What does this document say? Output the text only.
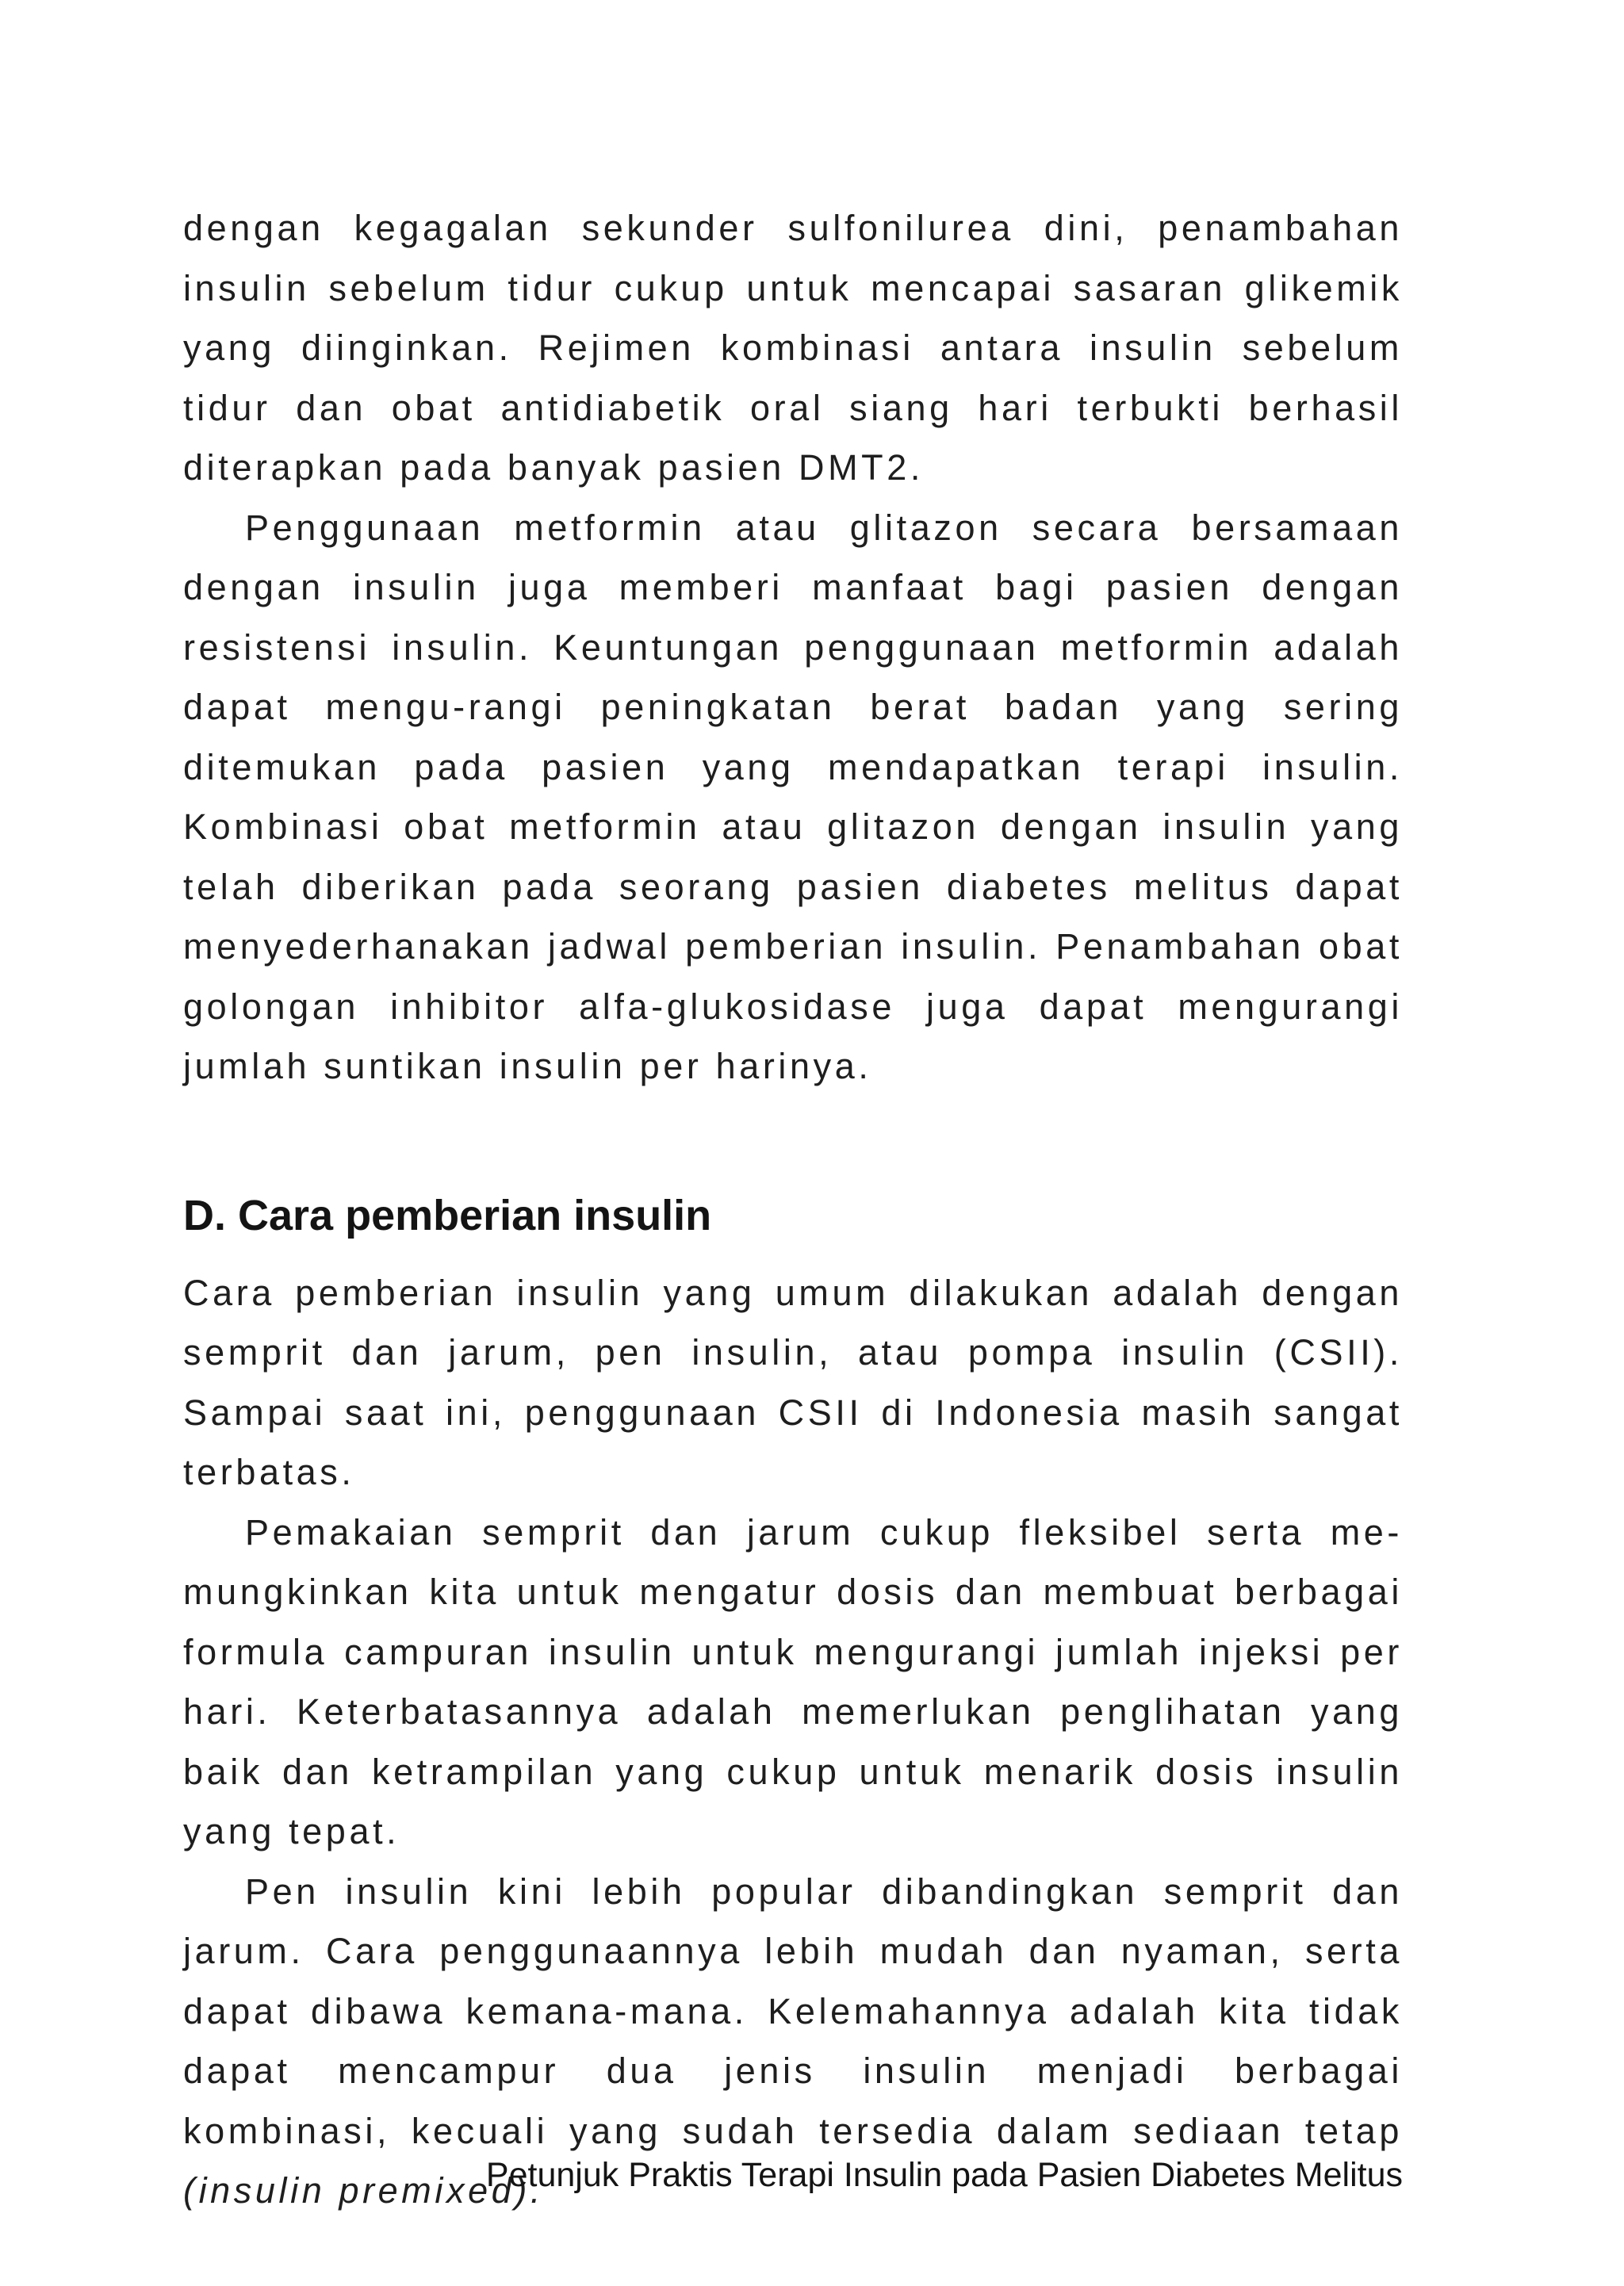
dengan kegagalan sekunder sulfonilurea dini, penambahan insulin sebelum tidur cukup untuk mencapai sasaran glikemik yang diinginkan. Rejimen kombinasi antara insulin sebelum tidur dan obat antidiabetik oral siang hari terbukti berhasil diterapkan pada banyak pasien DMT2.

Penggunaan metformin atau glitazon secara bersamaan dengan insulin juga memberi manfaat bagi pasien dengan resistensi insulin. Keuntungan penggunaan metformin adalah dapat mengu-rangi peningkatan berat badan yang sering ditemukan pada pasien yang mendapatkan terapi insulin. Kombinasi obat metformin atau glitazon dengan insulin yang telah diberikan pada seorang pasien diabetes melitus dapat menyederhanakan jadwal pemberian insulin. Penambahan obat golongan inhibitor alfa-glukosidase juga dapat mengurangi jumlah suntikan insulin per harinya.

D. Cara pemberian insulin

Cara pemberian insulin yang umum dilakukan adalah dengan semprit dan jarum, pen insulin, atau pompa insulin (CSII). Sampai saat ini, penggunaan CSII di Indonesia masih sangat terbatas.

Pemakaian semprit dan jarum cukup fleksibel serta me-mungkinkan kita untuk mengatur dosis dan membuat berbagai formula campuran insulin untuk mengurangi jumlah injeksi per hari. Keterbatasannya adalah memerlukan penglihatan yang baik dan ketrampilan yang cukup untuk menarik dosis insulin yang tepat.

Pen insulin kini lebih popular dibandingkan semprit dan jarum. Cara penggunaannya lebih mudah dan nyaman, serta dapat dibawa kemana-mana. Kelemahannya adalah kita tidak dapat mencampur dua jenis insulin menjadi berbagai kombinasi, kecuali yang sudah tersedia dalam sediaan tetap (insulin premixed).

Petunjuk Praktis Terapi Insulin pada Pasien Diabetes Melitus
